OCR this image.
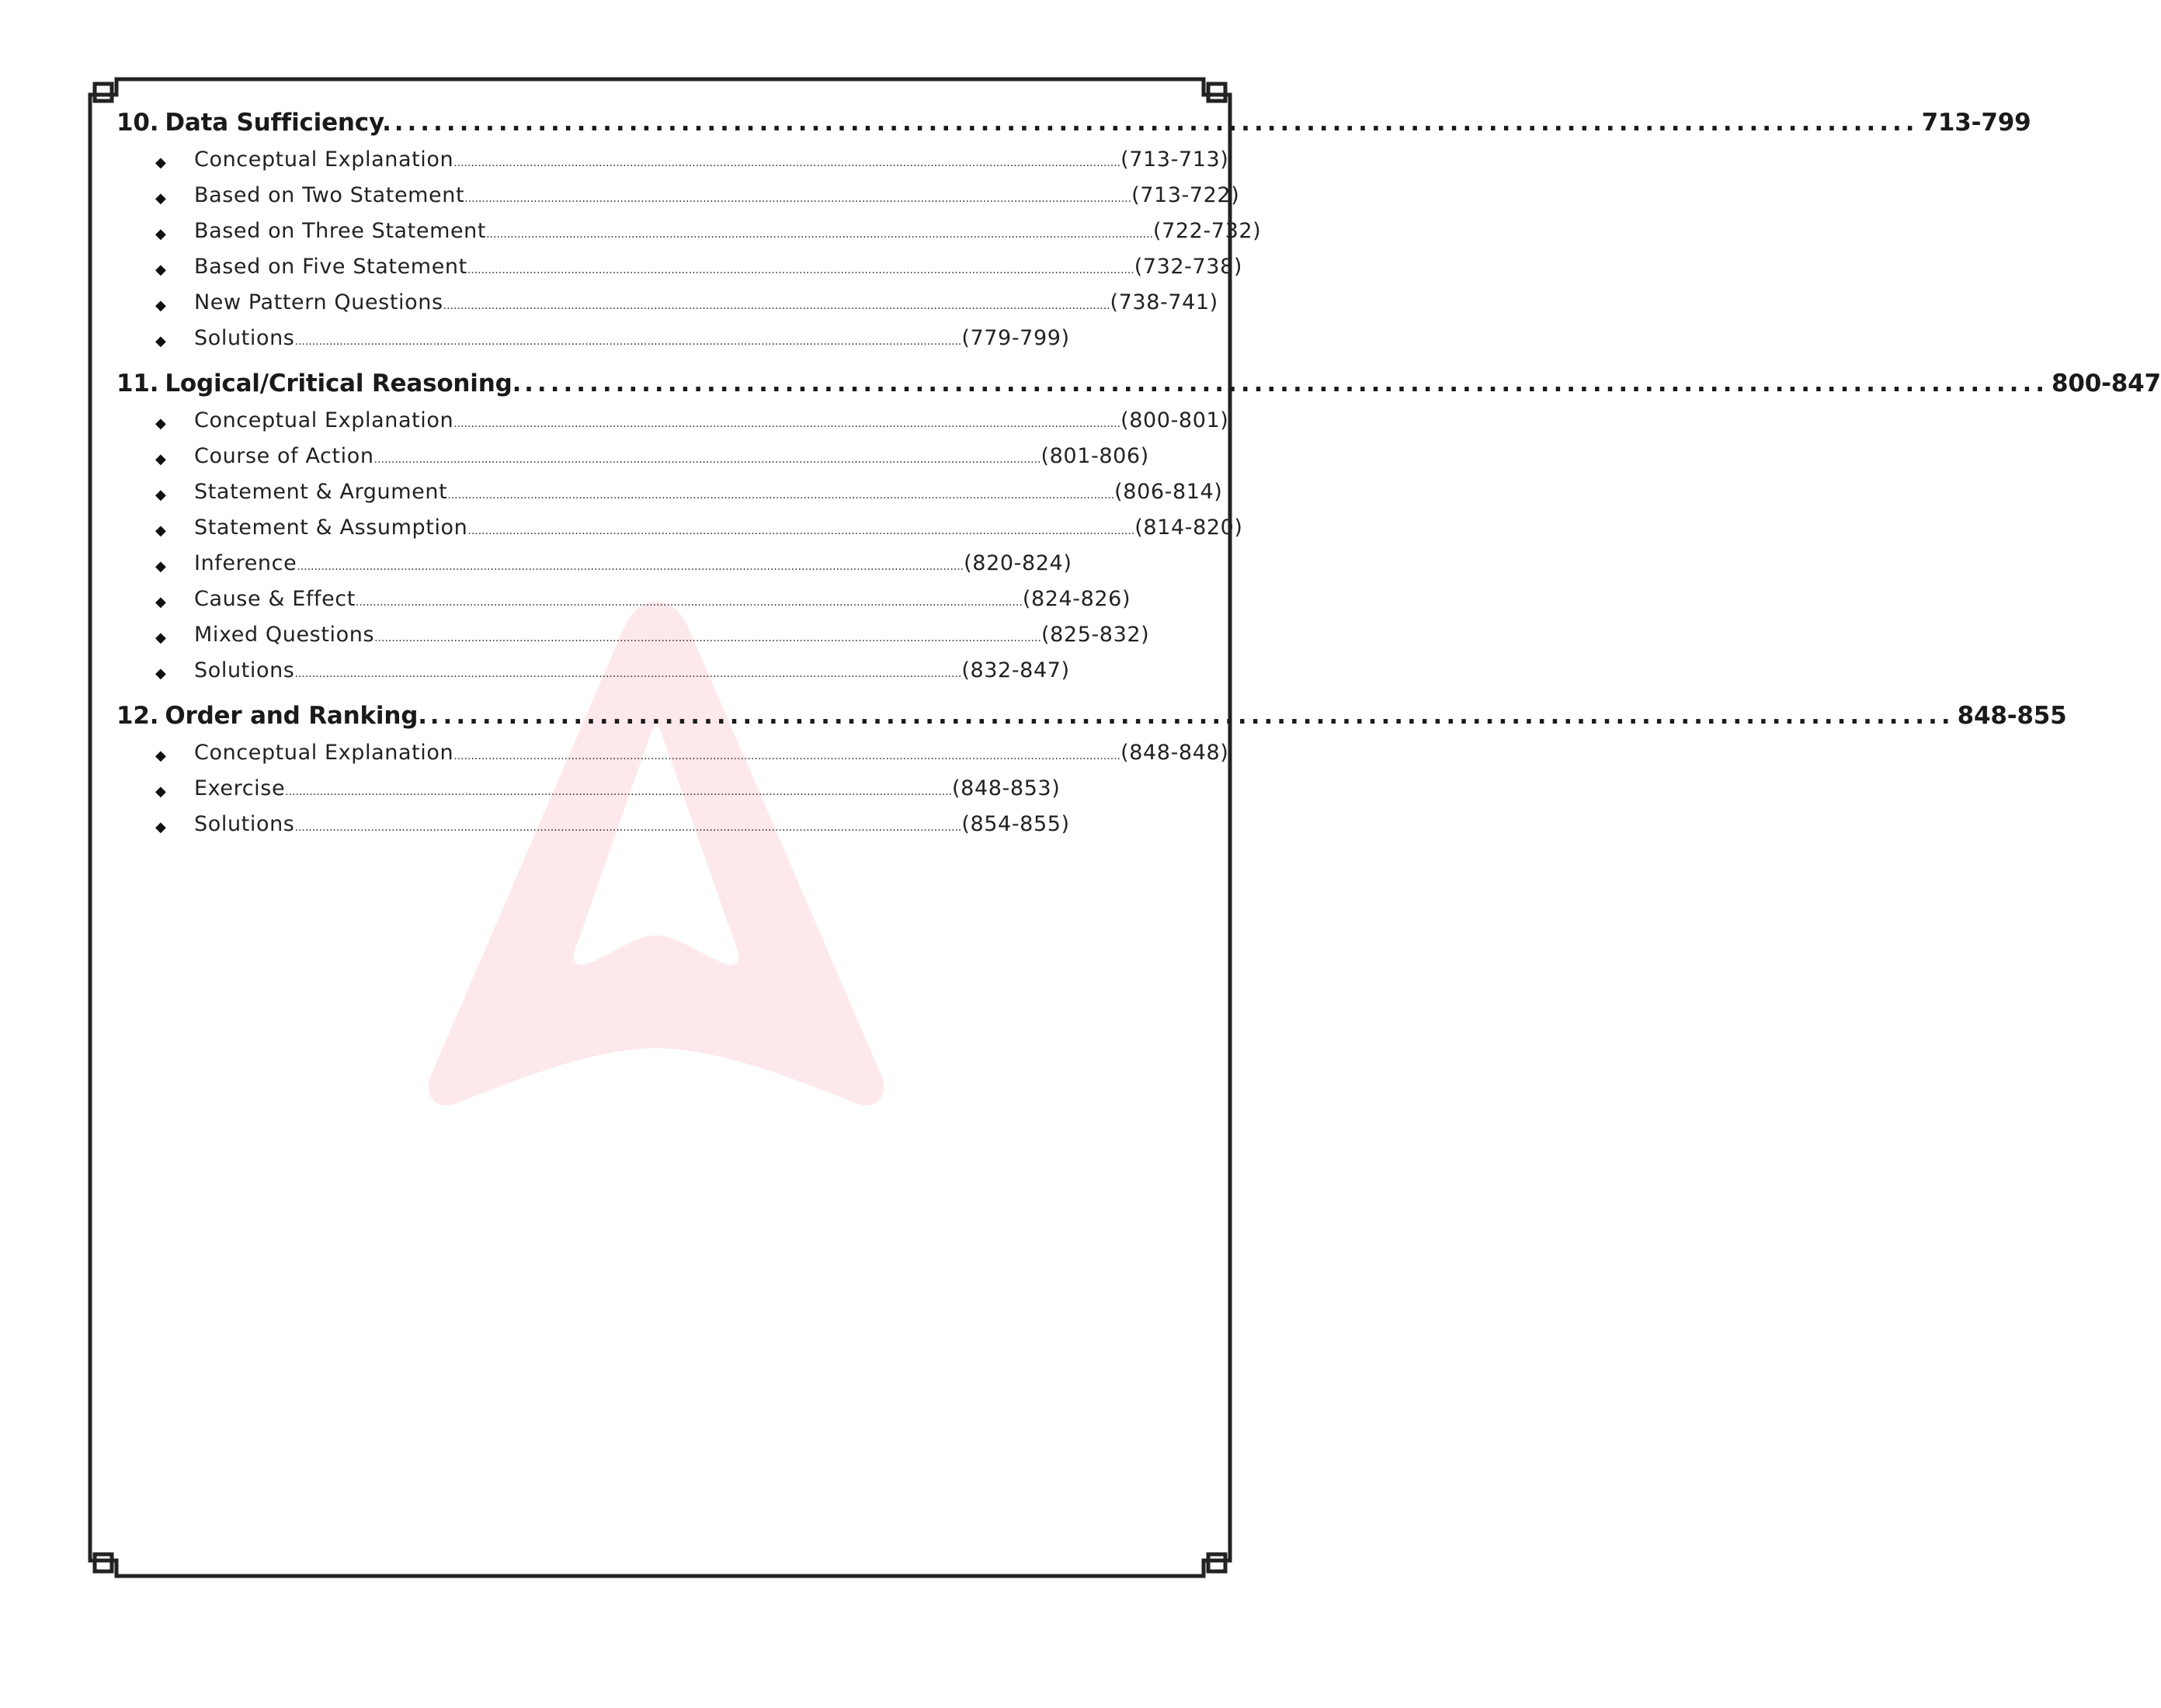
10. Data Sufficiency. ..................................................................................................................... 713-799
◆ Conceptual Explanation ................................................................................................................................................................................................. (713-713)
◆ Based on Two Statement ................................................................................................................................................................................................. (713-722)
◆ Based on Three Statement ................................................................................................................................................................................................. (722-732)
◆ Based on Five Statement ................................................................................................................................................................................................. (732-738)
◆ New Pattern Questions ................................................................................................................................................................................................. (738-741)
◆ Solutions ................................................................................................................................................................................................. (779-799)
11. Logical/Critical Reasoning. ..................................................................................................................... 800-847
◆ Conceptual Explanation ................................................................................................................................................................................................. (800-801)
◆ Course of Action ................................................................................................................................................................................................. (801-806)
◆ Statement & Argument ................................................................................................................................................................................................. (806-814)
◆ Statement & Assumption ................................................................................................................................................................................................. (814-820)
◆ Inference ................................................................................................................................................................................................. (820-824)
◆ Cause & Effect ................................................................................................................................................................................................. (824-826)
◆ Mixed Questions ................................................................................................................................................................................................. (825-832)
◆ Solutions ................................................................................................................................................................................................. (832-847)
12. Order and Ranking. ..................................................................................................................... 848-855
◆ Conceptual Explanation ................................................................................................................................................................................................. (848-848)
◆ Exercise ................................................................................................................................................................................................. (848-853)
◆ Solutions ................................................................................................................................................................................................. (854-855)
